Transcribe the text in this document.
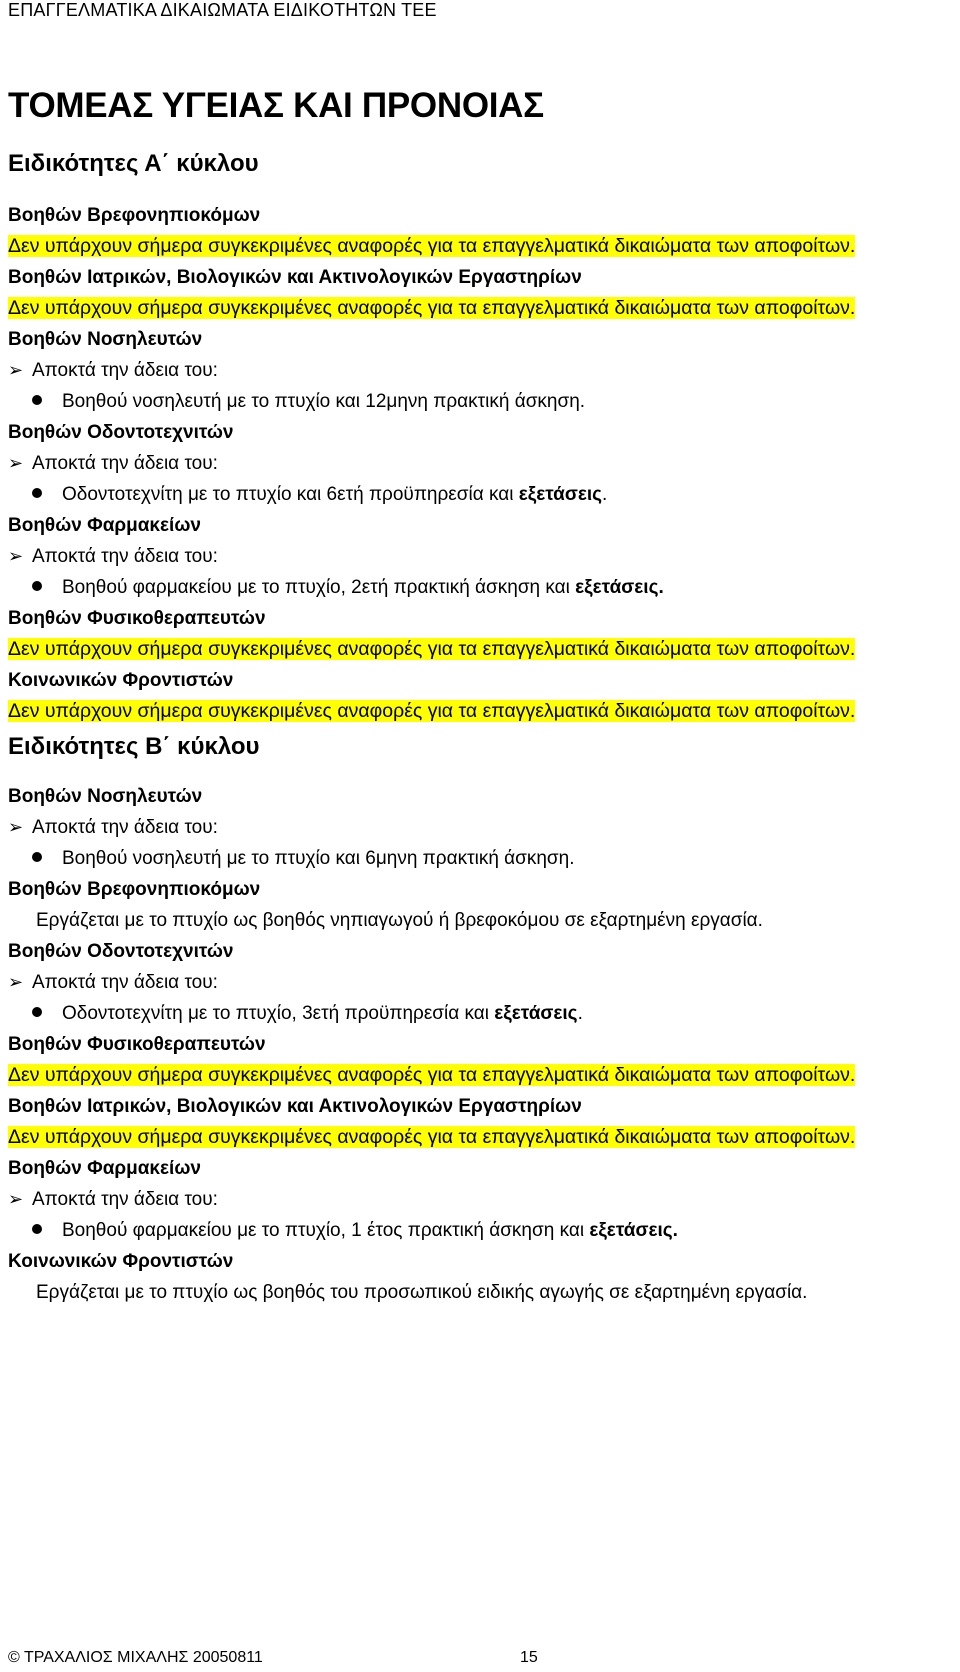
ΕΠΑΓΓΕΛΜΑΤΙΚΑ ΔΙΚΑΙΩΜΑΤΑ ΕΙΔΙΚΟΤΗΤΩΝ ΤΕΕ
ΤΟΜΕΑΣ ΥΓΕΙΑΣ ΚΑΙ ΠΡΟΝΟΙΑΣ
Ειδικότητες Α΄ κύκλου
Βοηθών Βρεφονηπιοκόμων
Δεν υπάρχουν σήμερα συγκεκριμένες αναφορές για τα επαγγελματικά δικαιώματα των αποφοίτων.
Βοηθών Ιατρικών, Βιολογικών και Ακτινολογικών Εργαστηρίων
Δεν υπάρχουν σήμερα συγκεκριμένες αναφορές για τα επαγγελματικά δικαιώματα των αποφοίτων.
Βοηθών Νοσηλευτών
➢ Αποκτά την άδεια του:
Βοηθού νοσηλευτή με το πτυχίο και 12μηνη πρακτική άσκηση.
Βοηθών Οδοντοτεχνιτών
➢ Αποκτά την άδεια του:
Οδοντοτεχνίτη με το πτυχίο και 6ετή προϋπηρεσία και εξετάσεις.
Βοηθών Φαρμακείων
➢ Αποκτά την άδεια του:
Βοηθού φαρμακείου με το πτυχίο, 2ετή πρακτική άσκηση και εξετάσεις.
Βοηθών Φυσικοθεραπευτών
Δεν υπάρχουν σήμερα συγκεκριμένες αναφορές για τα επαγγελματικά δικαιώματα των αποφοίτων.
Κοινωνικών Φροντιστών
Δεν υπάρχουν σήμερα συγκεκριμένες αναφορές για τα επαγγελματικά δικαιώματα των αποφοίτων.
Ειδικότητες Β΄ κύκλου
Βοηθών Νοσηλευτών
➢ Αποκτά την άδεια του:
Βοηθού νοσηλευτή με το πτυχίο και 6μηνη πρακτική άσκηση.
Βοηθών Βρεφονηπιοκόμων
Εργάζεται με το πτυχίο ως βοηθός νηπιαγωγού ή βρεφοκόμου σε εξαρτημένη εργασία.
Βοηθών Οδοντοτεχνιτών
➢ Αποκτά την άδεια του:
Οδοντοτεχνίτη με το πτυχίο, 3ετή προϋπηρεσία και εξετάσεις.
Βοηθών Φυσικοθεραπευτών
Δεν υπάρχουν σήμερα συγκεκριμένες αναφορές για τα επαγγελματικά δικαιώματα των αποφοίτων.
Βοηθών Ιατρικών, Βιολογικών και Ακτινολογικών Εργαστηρίων
Δεν υπάρχουν σήμερα συγκεκριμένες αναφορές για τα επαγγελματικά δικαιώματα των αποφοίτων.
Βοηθών Φαρμακείων
➢ Αποκτά την άδεια του:
Βοηθού φαρμακείου με το πτυχίο, 1 έτος πρακτική άσκηση και εξετάσεις.
Κοινωνικών Φροντιστών
Εργάζεται με το πτυχίο ως βοηθός του προσωπικού ειδικής αγωγής σε εξαρτημένη εργασία.
© ΤΡΑΧΑΛΙΟΣ ΜΙΧΑΛΗΣ 20050811	15
